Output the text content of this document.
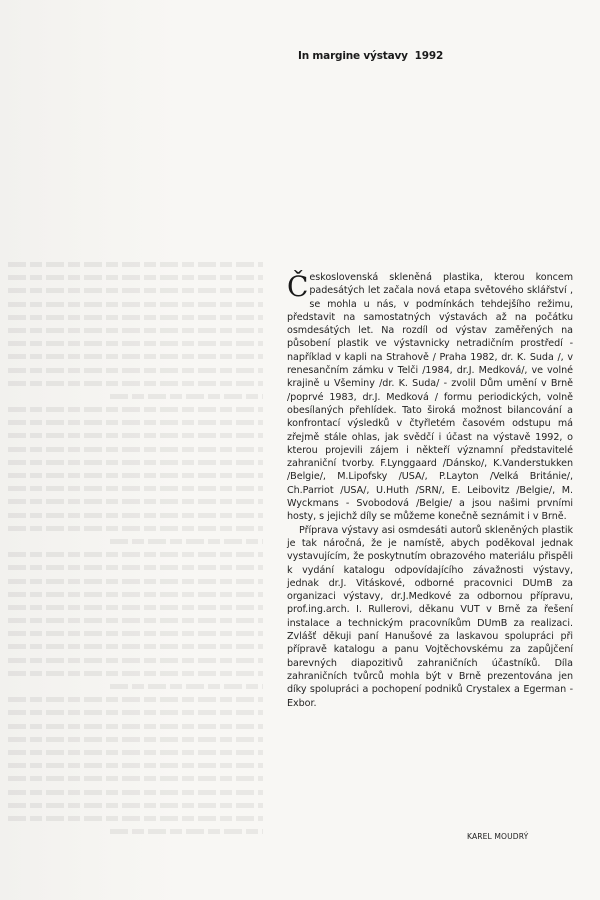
In margine výstavy  1992

Československá skleněná plastika, kterou koncem padesátých let začala nová etapa světového sklářství , se mohla u nás, v podmínkách tehdejšího režimu, představit na samostatných výstavách až na počátku osmdesátých let. Na rozdíl od výstav zaměřených na působení plastik ve výstavnicky netradičním prostředí - například v kapli na Strahově / Praha 1982, dr. K. Suda /, v renesančním zámku v Telči /1984, dr.J. Medková/, ve volné krajině u Všeminy /dr. K. Suda/ - zvolil Dům umění v Brně /poprvé 1983, dr.J. Medková / formu periodických, volně obesílaných přehlídek. Tato široká možnost bilancování a konfrontací výsledků v čtyřletém časovém odstupu má zřejmě stále ohlas, jak svědčí i účast na výstavě 1992, o kterou projevili zájem i někteří významní představitelé zahraniční tvorby. F.Lynggaard /Dánsko/, K.Vanderstukken /Belgie/, M.Lipofsky /USA/, P.Layton /Velká Británie/, Ch.Parriot /USA/, U.Huth /SRN/, E. Leibovitz /Belgie/, M. Wyckmans - Svobodová /Belgie/ a jsou našimi prvními hosty, s jejichž díly se můžeme konečně seznámit i v Brně.

Příprava výstavy asi osmdesáti autorů skleněných plastik je tak náročná, že je namístě, abych poděkoval jednak vystavujícím, že poskytnutím obrazového materiálu přispěli k vydání katalogu odpovídajícího závažnosti výstavy, jednak dr.J. Vitáskové, odborné pracovnici DUmB za organizaci výstavy, dr.J.Medkové za odbornou přípravu, prof.ing.arch. I. Rullerovi, děkanu VUT v Brně za řešení instalace a technickým pracovníkům DUmB za realizaci. Zvlášť děkuji paní Hanušové za laskavou spolupráci při přípravě katalogu a panu Vojtěchovskému za zapůjčení barevných diapozitivů zahraničních účastníků. Díla zahraničních tvůrců mohla být v Brně prezentována jen díky spolupráci a pochopení podniků Crystalex a Egerman - Exbor.

KAREL MOUDRÝ
